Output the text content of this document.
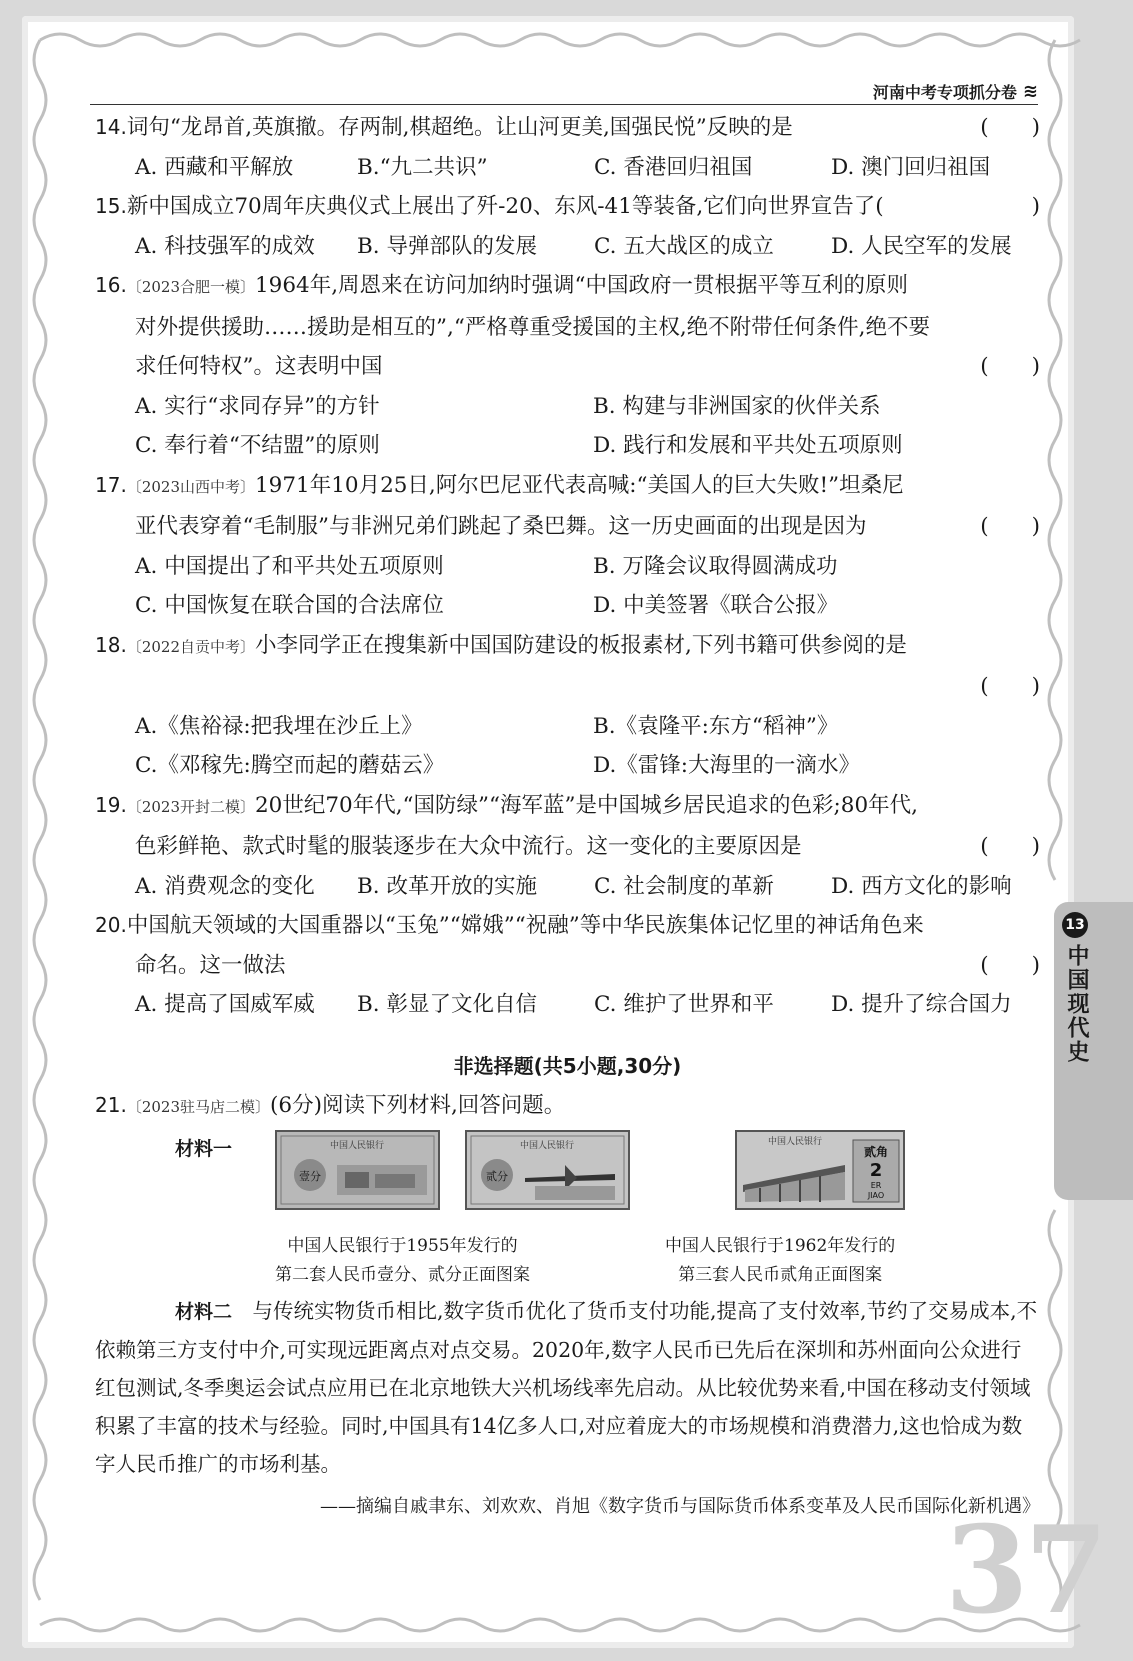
河南中考专项抓分卷 ≋
14.词句“龙昂首,英旗撤。存两制,棋超绝。让山河更美,国强民悦”反映的是	(　　)
A. 西藏和平解放	B.“九二共识”	C. 香港回归祖国	D. 澳门回归祖国
15.新中国成立70周年庆典仪式上展出了歼-20、东风-41等装备,它们向世界宣告了(	)
A. 科技强军的成效	B. 导弹部队的发展	C. 五大战区的成立	D. 人民空军的发展
16.〔2023合肥一模〕1964年,周恩来在访问加纳时强调“中国政府一贯根据平等互利的原则
对外提供援助……援助是相互的”,“严格尊重受援国的主权,绝不附带任何条件,绝不要
求任何特权”。这表明中国	(　　)
A. 实行“求同存异”的方针	B. 构建与非洲国家的伙伴关系
C. 奉行着“不结盟”的原则	D. 践行和发展和平共处五项原则
17.〔2023山西中考〕1971年10月25日,阿尔巴尼亚代表高喊:“美国人的巨大失败!”坦桑尼
亚代表穿着“毛制服”与非洲兄弟们跳起了桑巴舞。这一历史画面的出现是因为	(　　)
A. 中国提出了和平共处五项原则	B. 万隆会议取得圆满成功
C. 中国恢复在联合国的合法席位	D. 中美签署《联合公报》
18.〔2022自贡中考〕小李同学正在搜集新中国国防建设的板报素材,下列书籍可供参阅的是
(　　)
A.《焦裕禄:把我埋在沙丘上》	B.《袁隆平:东方“稻神”》
C.《邓稼先:腾空而起的蘑菇云》	D.《雷锋:大海里的一滴水》
19.〔2023开封二模〕20世纪70年代,“国防绿”“海军蓝”是中国城乡居民追求的色彩;80年代,
色彩鲜艳、款式时髦的服装逐步在大众中流行。这一变化的主要原因是	(　　)
A. 消费观念的变化	B. 改革开放的实施	C. 社会制度的革新	D. 西方文化的影响
20.中国航天领域的大国重器以“玉兔”“嫦娥”“祝融”等中华民族集体记忆里的神话角色来
命名。这一做法	(　　)
A. 提高了国威军威	B. 彰显了文化自信	C. 维护了世界和平	D. 提升了综合国力
非选择题(共5小题,30分)
21.〔2023驻马店二模〕(6分)阅读下列材料,回答问题。
材料一	中国人民银行
壹分
中国人民银行
贰分
中国人民银行
贰角
2
ER
JIAO
中国人民银行于1955年发行的
第二套人民币壹分、贰分正面图案
中国人民银行于1962年发行的
第三套人民币贰角正面图案
材料二　 与传统实物货币相比,数字货币优化了货币支付功能,提高了支付效率,节约了交易成本,不依赖第三方支付中介,可实现远距离点对点交易。2020年,数字人民币已先后在深圳和苏州面向公众进行红包测试,冬季奥运会试点应用已在北京地铁大兴机场线率先启动。从比较优势来看,中国在移动支付领域积累了丰富的技术与经验。同时,中国具有14亿多人口,对应着庞大的市场规模和消费潜力,这也恰成为数字人民币推广的市场利基。
——摘编自戚聿东、刘欢欢、肖旭《数字货币与国际货币体系变革及人民币国际化新机遇》
13
中国现代史
37
